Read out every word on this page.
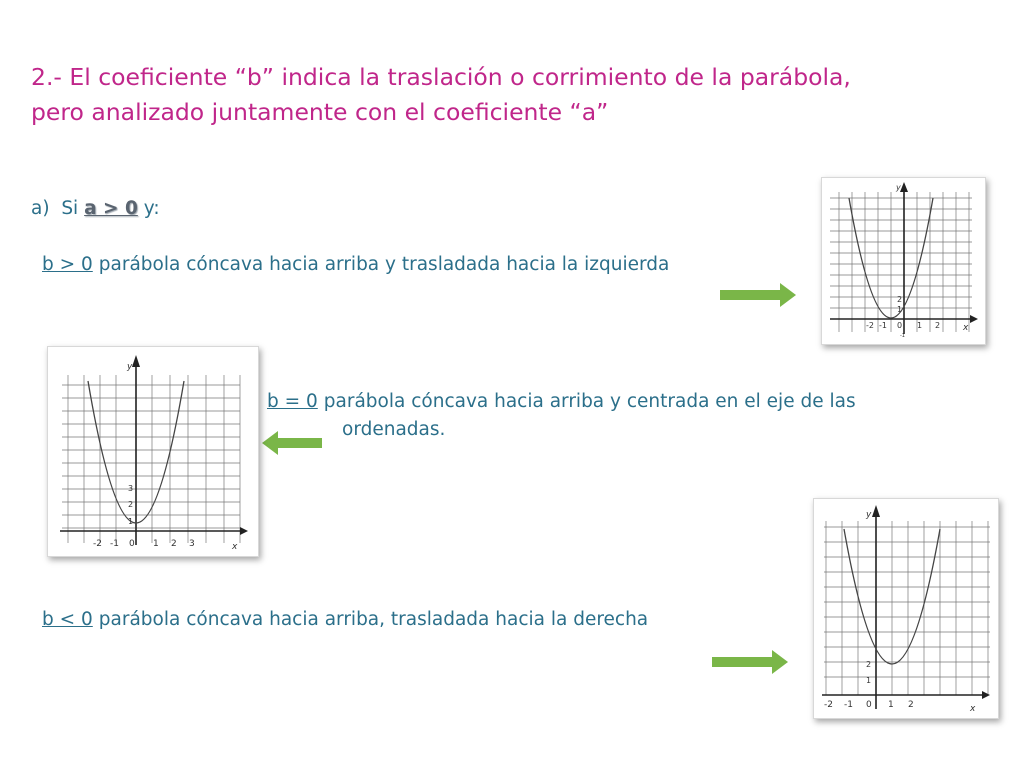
2.- El coeficiente “b” indica la traslación o corrimiento de la parábola,
pero analizado juntamente con el coeficiente “a”
a)  Si a > 0 y:
b > 0 parábola cóncava hacia arriba y trasladada hacia la izquierda
b = 0 parábola cóncava hacia arriba y centrada en el eje de las
ordenadas.
b < 0 parábola cóncava hacia arriba, trasladada hacia la derecha
y
x
-2 -1 0 1 2
1
2
-1
y
x
-2 -1 0 1 2 3
1
2
3
y
x
-2 -1 0 1 2
1
2
